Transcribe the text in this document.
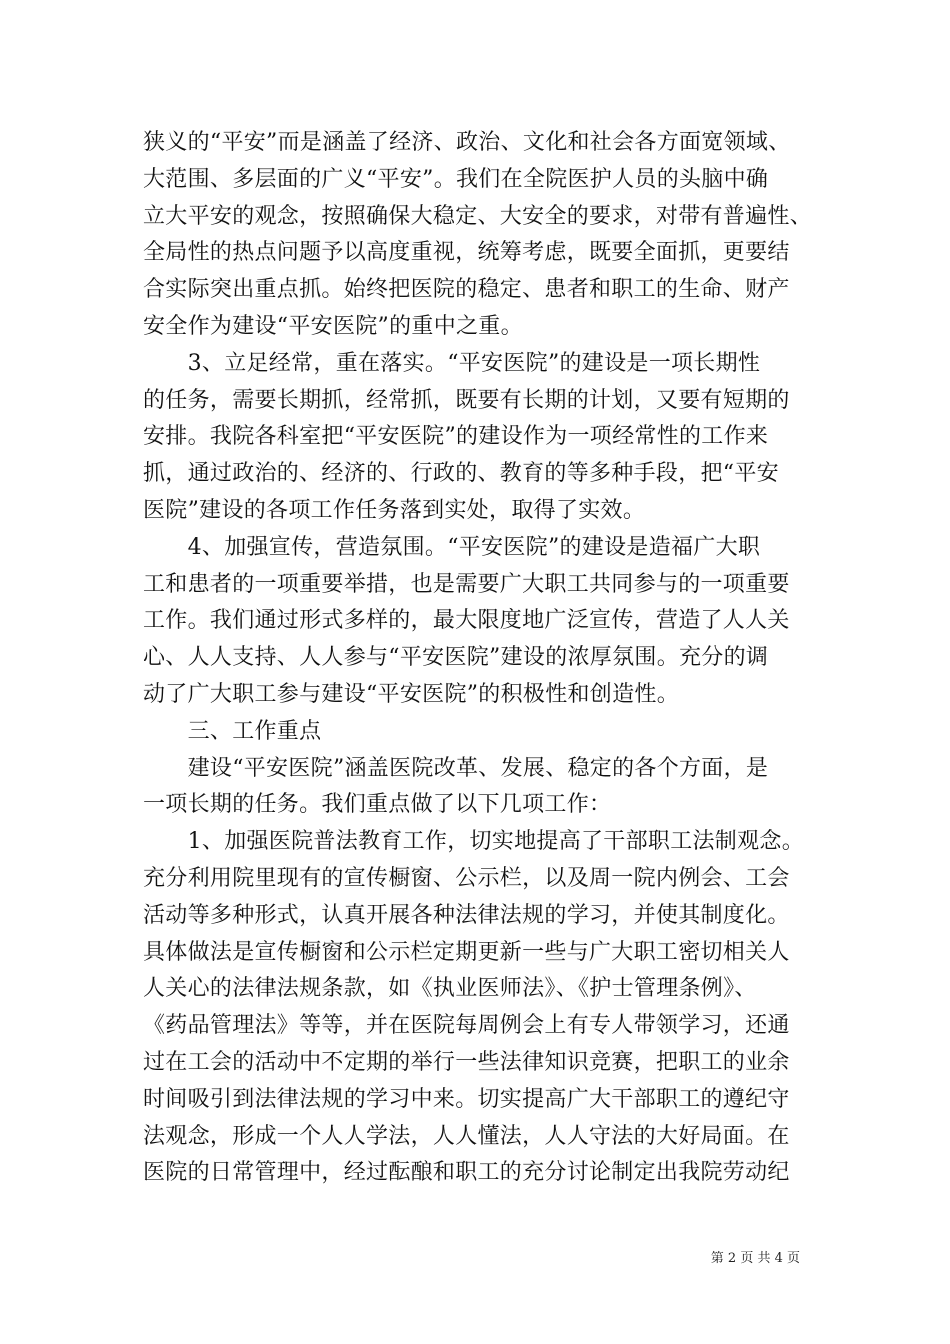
狭义的“平安”而是涵盖了经济、政治、文化和社会各方面宽领域、
大范围、多层面的广义“平安”。我们在全院医护人员的头脑中确
立大平安的观念，按照确保大稳定、大安全的要求，对带有普遍性、
全局性的热点问题予以高度重视，统筹考虑，既要全面抓，更要结
合实际突出重点抓。始终把医院的稳定、患者和职工的生命、财产
安全作为建设“平安医院”的重中之重。
　　3、立足经常，重在落实。“平安医院”的建设是一项长期性
的任务，需要长期抓，经常抓，既要有长期的计划，又要有短期的
安排。我院各科室把“平安医院”的建设作为一项经常性的工作来
抓，通过政治的、经济的、行政的、教育的等多种手段，把“平安
医院”建设的各项工作任务落到实处，取得了实效。
　　4、加强宣传，营造氛围。“平安医院”的建设是造福广大职
工和患者的一项重要举措，也是需要广大职工共同参与的一项重要
工作。我们通过形式多样的，最大限度地广泛宣传，营造了人人关
心、人人支持、人人参与“平安医院”建设的浓厚氛围。充分的调
动了广大职工参与建设“平安医院”的积极性和创造性。
　　三、工作重点
　　建设“平安医院”涵盖医院改革、发展、稳定的各个方面，是
一项长期的任务。我们重点做了以下几项工作：
　　1、加强医院普法教育工作，切实地提高了干部职工法制观念。
充分利用院里现有的宣传橱窗、公示栏，以及周一院内例会、工会
活动等多种形式，认真开展各种法律法规的学习，并使其制度化。
具体做法是宣传橱窗和公示栏定期更新一些与广大职工密切相关人
人关心的法律法规条款，如《执业医师法》、《护士管理条例》、
《药品管理法》等等，并在医院每周例会上有专人带领学习，还通
过在工会的活动中不定期的举行一些法律知识竞赛，把职工的业余
时间吸引到法律法规的学习中来。切实提高广大干部职工的遵纪守
法观念，形成一个人人学法，人人懂法，人人守法的大好局面。在
医院的日常管理中，经过酝酿和职工的充分讨论制定出我院劳动纪
第 2 页 共 4 页
